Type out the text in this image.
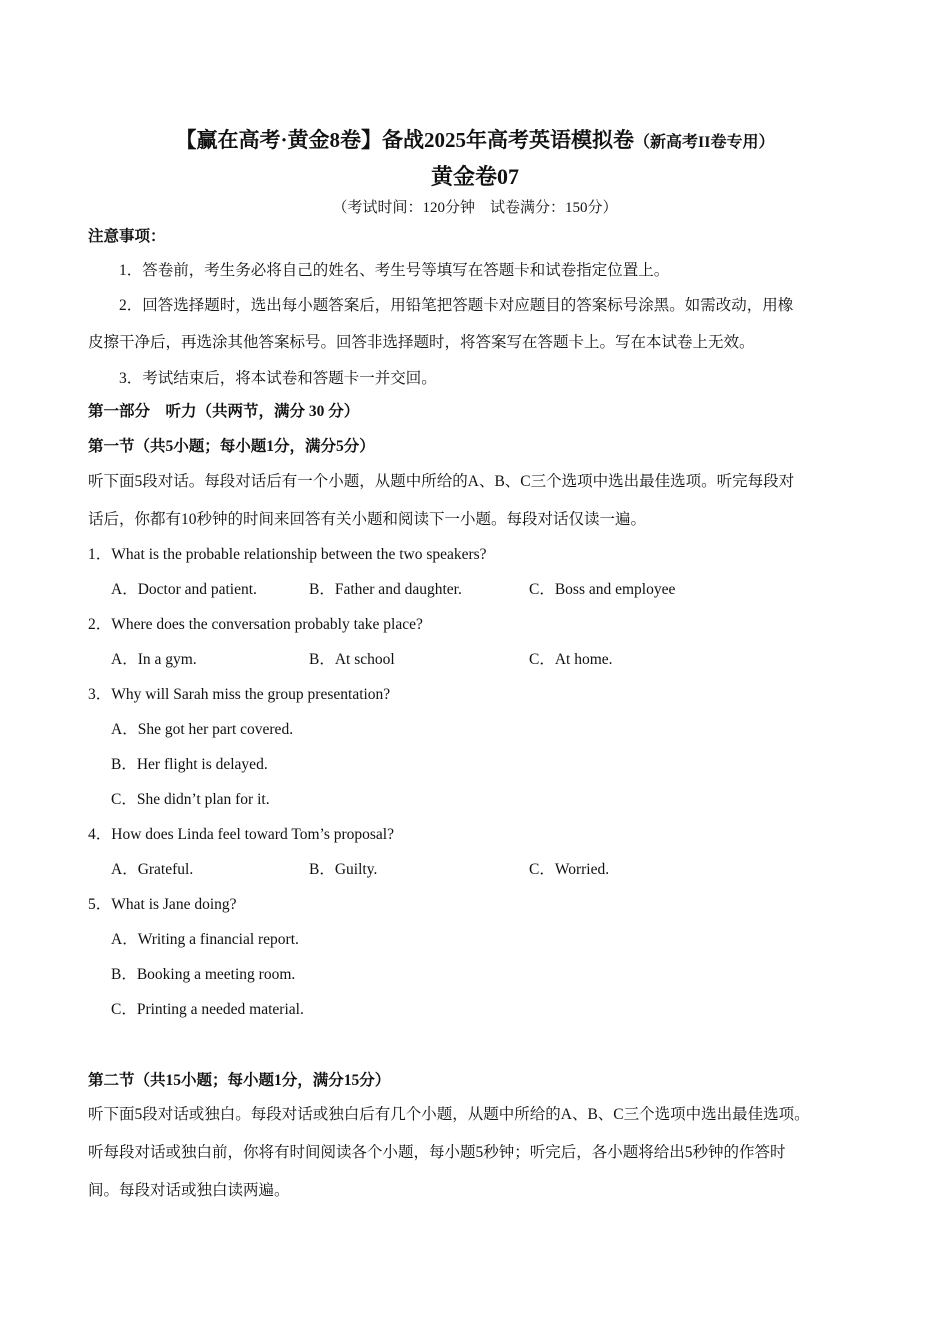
【赢在高考·黄金8卷】备战2025年高考英语模拟卷（新高考II卷专用）
黄金卷07
（考试时间：120分钟　试卷满分：150分）
注意事项：
1．答卷前，考生务必将自己的姓名、考生号等填写在答题卡和试卷指定位置上。
2．回答选择题时，选出每小题答案后，用铅笔把答题卡对应题目的答案标号涂黑。如需改动，用橡
皮擦干净后，再选涂其他答案标号。回答非选择题时，将答案写在答题卡上。写在本试卷上无效。
3．考试结束后，将本试卷和答题卡一并交回。
第一部分　听力（共两节，满分 30 分）
第一节（共5小题；每小题1分，满分5分）
听下面5段对话。每段对话后有一个小题，从题中所给的A、B、C三个选项中选出最佳选项。听完每段对
话后，你都有10秒钟的时间来回答有关小题和阅读下一小题。每段对话仅读一遍。
1．What is the probable relationship between the two speakers?
A．Doctor and patient.	B．Father and daughter.	C．Boss and employee
2．Where does the conversation probably take place?
A．In a gym.	B．At school	C．At home.
3．Why will Sarah miss the group presentation?
A．She got her part covered.
B．Her flight is delayed.
C．She didn’t plan for it.
4．How does Linda feel toward Tom’s proposal?
A．Grateful.	B．Guilty.	C．Worried.
5．What is Jane doing?
A．Writing a financial report.
B．Booking a meeting room.
C．Printing a needed material.
第二节（共15小题；每小题1分，满分15分）
听下面5段对话或独白。每段对话或独白后有几个小题，从题中所给的A、B、C三个选项中选出最佳选项。
听每段对话或独白前，你将有时间阅读各个小题，每小题5秒钟；听完后，各小题将给出5秒钟的作答时
间。每段对话或独白读两遍。
